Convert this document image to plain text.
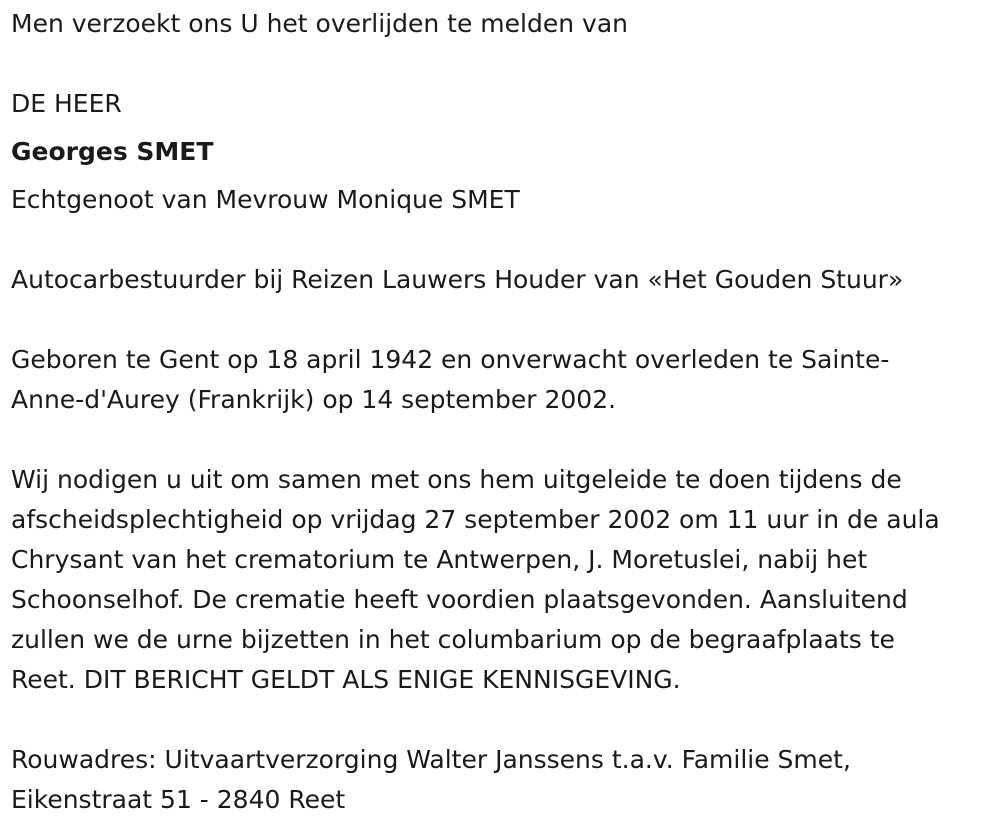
Men verzoekt ons U het overlijden te melden van
DE HEER
Georges SMET
Echtgenoot van Mevrouw Monique SMET
Autocarbestuurder bij Reizen Lauwers Houder van «Het Gouden Stuur»
Geboren te Gent op 18 april 1942 en onverwacht overleden te Sainte-
Anne-d'Aurey (Frankrijk) op 14 september 2002.
Wij nodigen u uit om samen met ons hem uitgeleide te doen tijdens de
afscheidsplechtigheid op vrijdag 27 september 2002 om 11 uur in de aula
Chrysant van het crematorium te Antwerpen, J. Moretuslei, nabij het
Schoonselhof. De crematie heeft voordien plaatsgevonden. Aansluitend
zullen we de urne bijzetten in het columbarium op de begraafplaats te
Reet. DIT BERICHT GELDT ALS ENIGE KENNISGEVING.
Rouwadres: Uitvaartverzorging Walter Janssens t.a.v. Familie Smet,
Eikenstraat 51 - 2840 Reet
